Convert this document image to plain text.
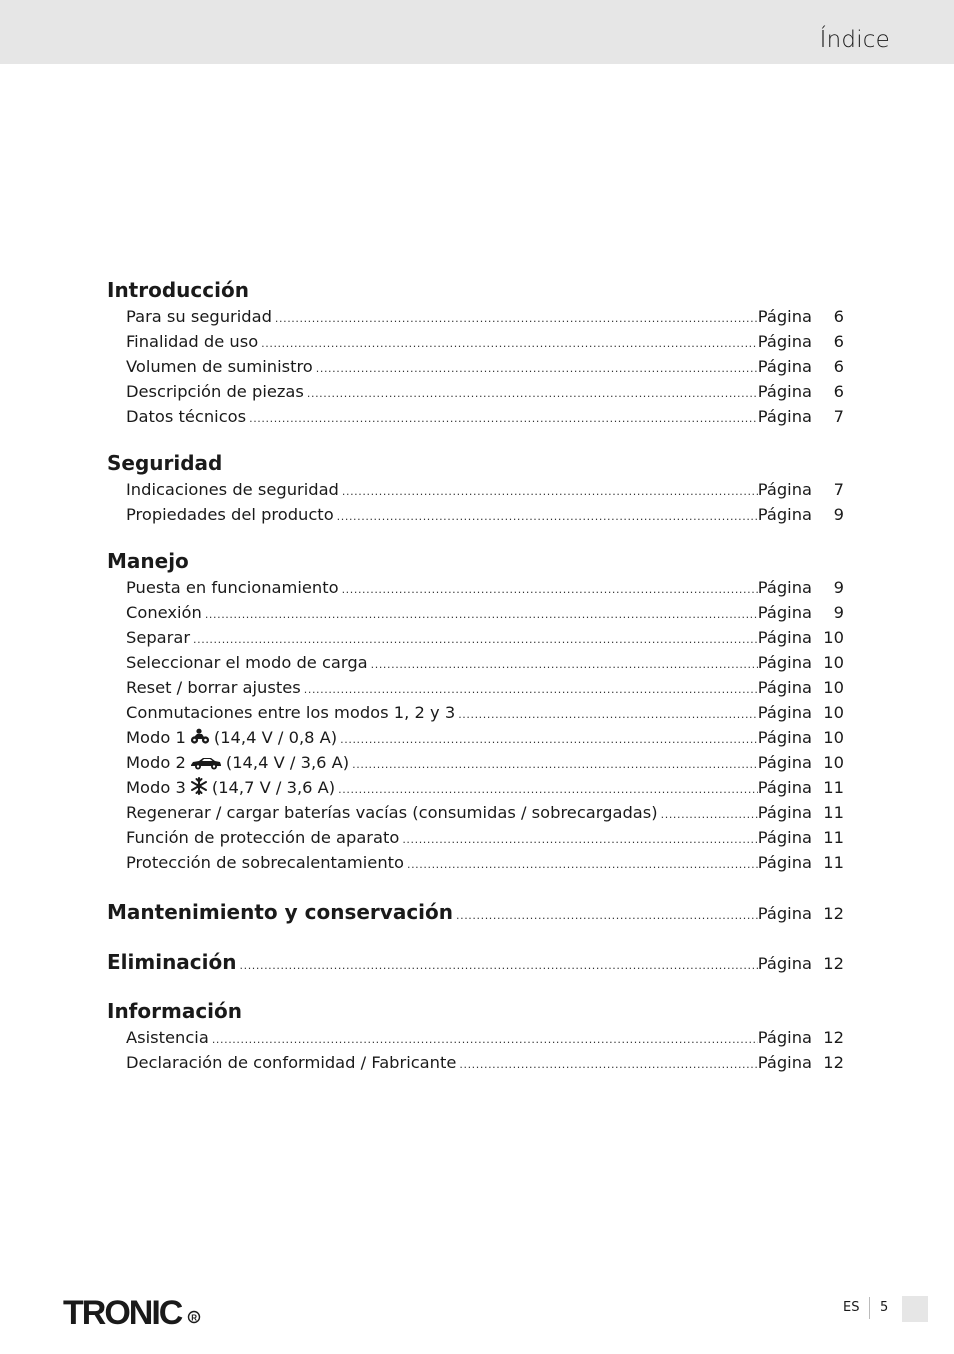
Índice
Introducción
Para su seguridad .....	Página	6
Finalidad de uso .....	Página	6
Volumen de suministro .....	Página	6
Descripción de piezas .....	Página	6
Datos técnicos .....	Página	7
Seguridad
Indicaciones de seguridad .....	Página	7
Propiedades del producto .....	Página	9
Manejo
Puesta en funcionamiento .....	Página	9
Conexión .....	Página	9
Separar .....	Página 10
Seleccionar el modo de carga .....	Página 10
Reset / borrar ajustes .....	Página 10
Conmutaciones entre los modos 1, 2 y 3 .....	Página 10
Modo 1 (14,4 V / 0,8 A) .....	Página 10
Modo 2 (14,4 V / 3,6 A) .....	Página 10
Modo 3 (14,7 V / 3,6 A) .....	Página 11
Regenerar / cargar baterías vacías (consumidas / sobrecargadas) .....	Página 11
Función de protección de aparato .....	Página 11
Protección de sobrecalentamiento .....	Página 11
Mantenimiento y conservación .....	Página 12
Eliminación .....	Página 12
Información
Asistencia .....	Página 12
Declaración de conformidad / Fabricante .....	Página 12
TRONIC R
ES 5
